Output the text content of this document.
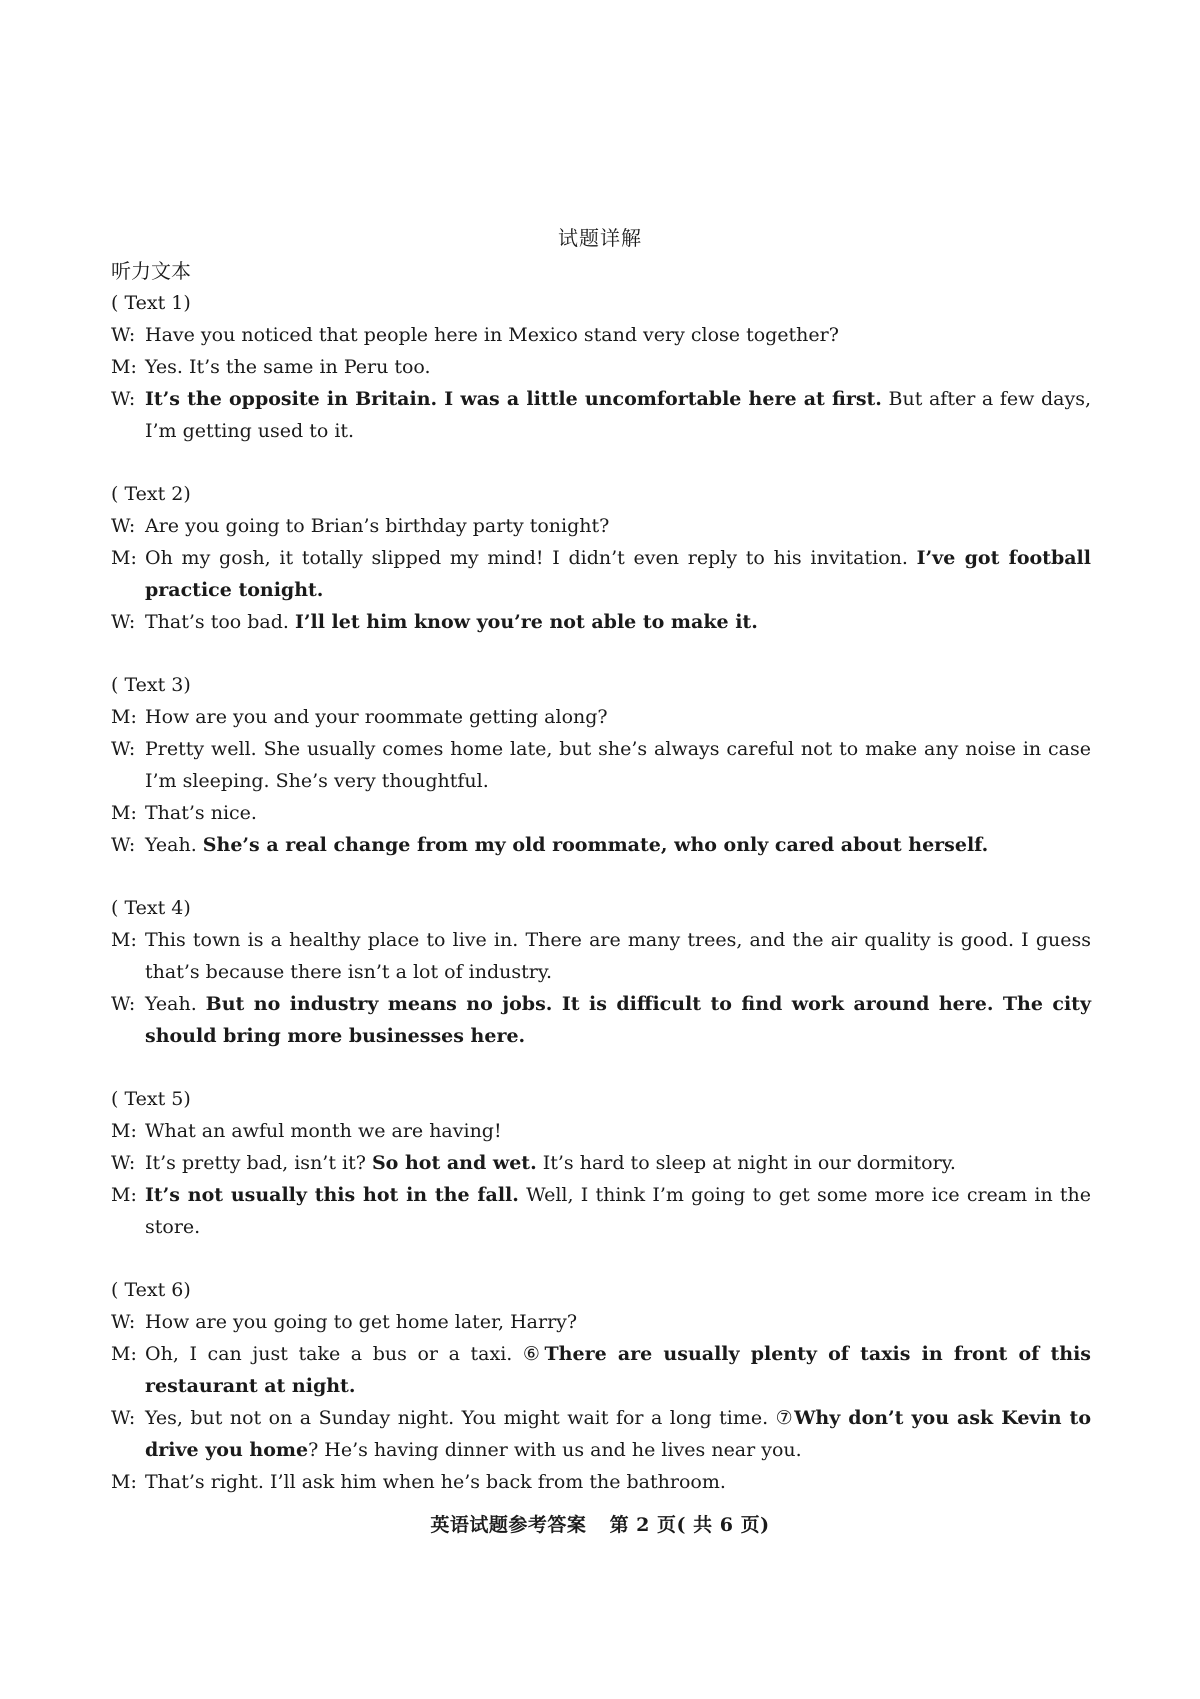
试题详解
听力文本
( Text 1)
W: Have you noticed that people here in Mexico stand very close together?
M: Yes. It’s the same in Peru too.
W: It’s the opposite in Britain. I was a little uncomfortable here at first. But after a few days, I’m getting used to it.
( Text 2)
W: Are you going to Brian’s birthday party tonight?
M: Oh my gosh, it totally slipped my mind! I didn’t even reply to his invitation. I’ve got football practice tonight.
W: That’s too bad. I’ll let him know you’re not able to make it.
( Text 3)
M: How are you and your roommate getting along?
W: Pretty well. She usually comes home late, but she’s always careful not to make any noise in case I’m sleeping. She’s very thoughtful.
M: That’s nice.
W: Yeah. She’s a real change from my old roommate, who only cared about herself.
( Text 4)
M: This town is a healthy place to live in. There are many trees, and the air quality is good. I guess that’s because there isn’t a lot of industry.
W: Yeah. But no industry means no jobs. It is difficult to find work around here. The city should bring more businesses here.
( Text 5)
M: What an awful month we are having!
W: It’s pretty bad, isn’t it? So hot and wet. It’s hard to sleep at night in our dormitory.
M: It’s not usually this hot in the fall. Well, I think I’m going to get some more ice cream in the store.
( Text 6)
W: How are you going to get home later, Harry?
M: Oh, I can just take a bus or a taxi. ⑥There are usually plenty of taxis in front of this restaurant at night.
W: Yes, but not on a Sunday night. You might wait for a long time. ⑦Why don’t you ask Kevin to drive you home? He’s having dinner with us and he lives near you.
M: That’s right. I’ll ask him when he’s back from the bathroom.
英语试题参考答案 第 2 页( 共 6 页)
